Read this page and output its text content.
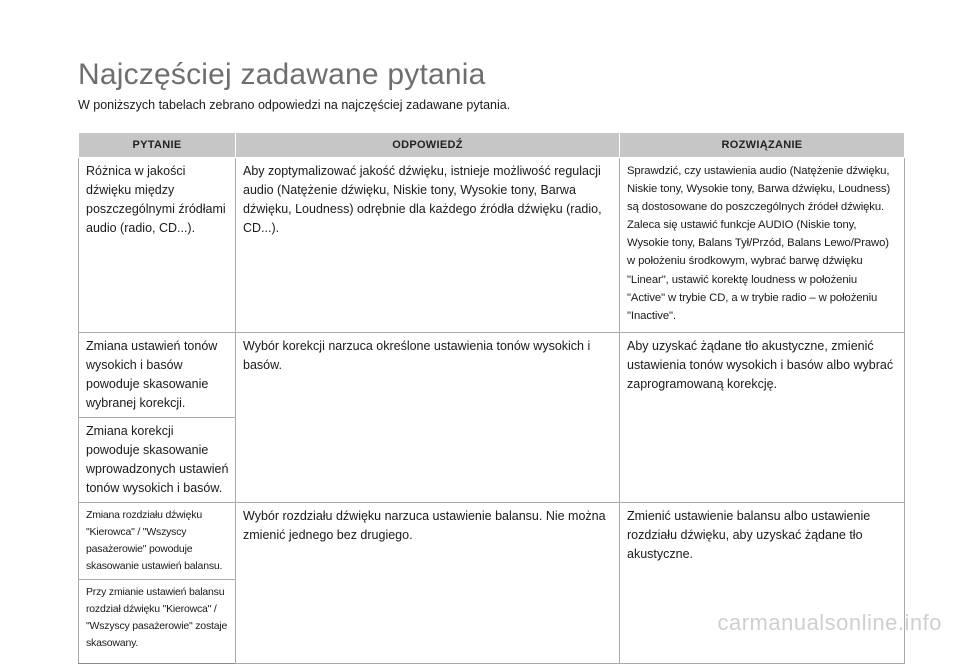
Najczęściej zadawane pytania

W poniższych tabelach zebrano odpowiedzi na najczęściej zadawane pytania.

PYTANIE	ODPOWIEDŹ	ROZWIĄZANIE
Różnica w jakości dźwięku między poszczególnymi źródłami audio (radio, CD...).	Aby zoptymalizować jakość dźwięku, istnieje możliwość regulacji audio (Natężenie dźwięku, Niskie tony, Wysokie tony, Barwa dźwięku, Loudness) odrębnie dla każdego źródła dźwięku (radio, CD...).	Sprawdzić, czy ustawienia audio (Natężenie dźwięku, Niskie tony, Wysokie tony, Barwa dźwięku, Loudness) są dostosowane do poszczególnych źródeł dźwięku. Zaleca się ustawić funkcje AUDIO (Niskie tony, Wysokie tony, Balans Tył/Przód, Balans Lewo/Prawo) w położeniu środkowym, wybrać barwę dźwięku "Linear", ustawić korektę loudness w położeniu "Active" w trybie CD, a w trybie radio – w położeniu "Inactive".
Zmiana ustawień tonów wysokich i basów powoduje skasowanie wybranej korekcji.	Wybór korekcji narzuca określone ustawienia tonów wysokich i basów.	Aby uzyskać żądane tło akustyczne, zmienić ustawienia tonów wysokich i basów albo wybrać zaprogramowaną korekcję.
Zmiana korekcji powoduje skasowanie wprowadzonych ustawień tonów wysokich i basów.		
Zmiana rozdziału dźwięku "Kierowca" / "Wszyscy pasażerowie" powoduje skasowanie ustawień balansu.	Wybór rozdziału dźwięku narzuca ustawienie balansu. Nie można zmienić jednego bez drugiego.	Zmienić ustawienie balansu albo ustawienie rozdziału dźwięku, aby uzyskać żądane tło akustyczne.
Przy zmianie ustawień balansu rozdział dźwięku "Kierowca" / "Wszyscy pasażerowie" zostaje skasowany.		
carmanualsonline.info
